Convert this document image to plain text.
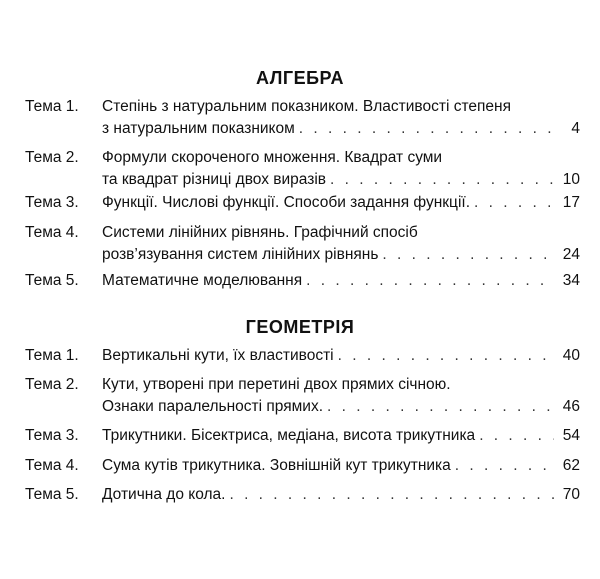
АЛГЕБРА
Тема 1. Степінь з натуральним показником. Властивості степеня
з натуральним показником . . .	4
Тема 2. Формули скороченого множення. Квадрат суми
та квадрат різниці двох виразів . . .	10
Тема 3. Функції. Числові функції. Способи задання функції. . . .	17
Тема 4. Системи лінійних рівнянь. Графічний спосіб
розв’язування систем лінійних рівнянь . . .	24
Тема 5. Математичне моделювання . . .	34
ГЕОМЕТРІЯ
Тема 1. Вертикальні кути, їх властивості . . .	40
Тема 2. Кути, утворені при перетині двох прямих січною.
Ознаки паралельності прямих. . . .	46
Тема 3. Трикутники. Бісектриса, медіана, висота трикутника . . .	54
Тема 4. Сума кутів трикутника. Зовнішній кут трикутника . . .	62
Тема 5. Дотична до кола. . . .	70
